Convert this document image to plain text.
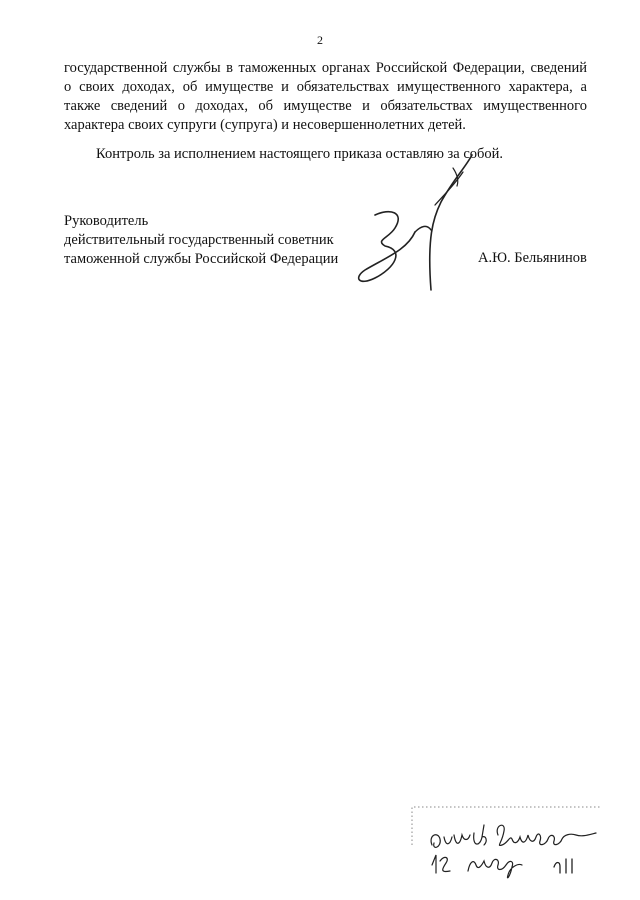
2

государственной службы в таможенных органах Российской Федерации, сведений
о своих доходах, об имуществе и обязательствах имущественного характера, а
также сведений о доходах, об имуществе и обязательствах имущественного
характера своих супруги (супруга) и несовершеннолетних детей.

Контроль за исполнением настоящего приказа оставляю за собой.

Руководитель
действительный государственный советник
таможенной службы Российской Федерации	А.Ю. Бельянинов
